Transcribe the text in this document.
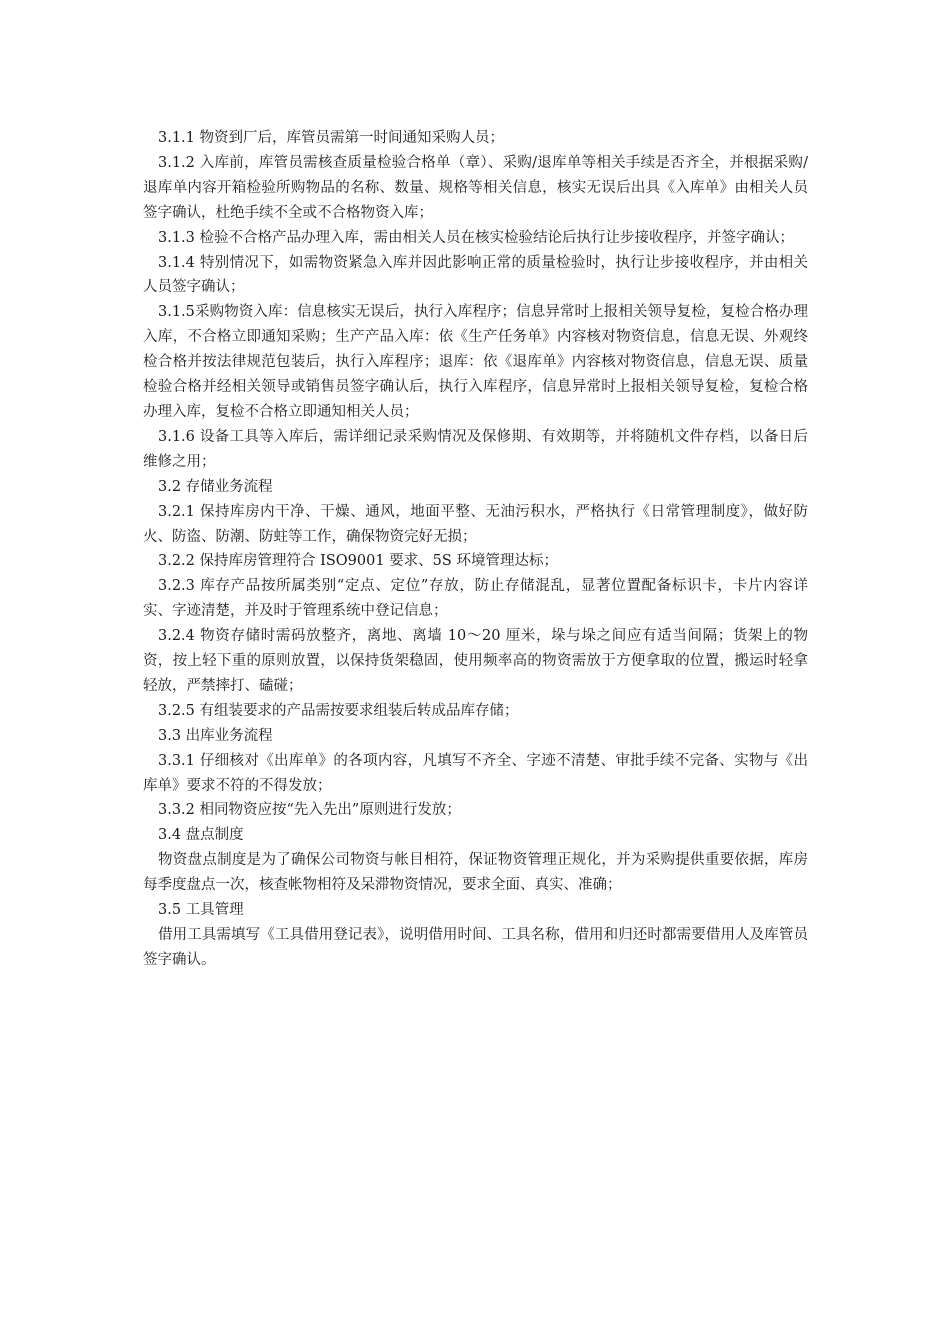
3.1.1 物资到厂后，库管员需第一时间通知采购人员；

3.1.2 入库前，库管员需核查质量检验合格单（章）、采购/退库单等相关手续是否齐全，并根据采购/退库单内容开箱检验所购物品的名称、数量、规格等相关信息，核实无误后出具《入库单》由相关人员签字确认，杜绝手续不全或不合格物资入库；

3.1.3 检验不合格产品办理入库，需由相关人员在核实检验结论后执行让步接收程序，并签字确认；

3.1.4 特别情况下，如需物资紧急入库并因此影响正常的质量检验时，执行让步接收程序，并由相关人员签字确认；

3.1.5采购物资入库：信息核实无误后，执行入库程序；信息异常时上报相关领导复检，复检合格办理入库，不合格立即通知采购；生产产品入库：依《生产任务单》内容核对物资信息，信息无误、外观终检合格并按法律规范包装后，执行入库程序；退库：依《退库单》内容核对物资信息，信息无误、质量检验合格并经相关领导或销售员签字确认后，执行入库程序，信息异常时上报相关领导复检，复检合格办理入库，复检不合格立即通知相关人员；

3.1.6 设备工具等入库后，需详细记录采购情况及保修期、有效期等，并将随机文件存档，以备日后维修之用；

3.2 存储业务流程

3.2.1 保持库房内干净、干燥、通风，地面平整、无油污积水，严格执行《日常管理制度》，做好防火、防盗、防潮、防蛀等工作，确保物资完好无损；

3.2.2 保持库房管理符合 ISO9001 要求、5S 环境管理达标；

3.2.3 库存产品按所属类别“定点、定位”存放，防止存储混乱，显著位置配备标识卡，卡片内容详实、字迹清楚，并及时于管理系统中登记信息；

3.2.4 物资存储时需码放整齐，离地、离墙 10～20 厘米，垛与垛之间应有适当间隔；货架上的物资，按上轻下重的原则放置，以保持货架稳固，使用频率高的物资需放于方便拿取的位置，搬运时轻拿轻放，严禁摔打、磕碰；

3.2.5 有组装要求的产品需按要求组装后转成品库存储；

3.3 出库业务流程

3.3.1 仔细核对《出库单》的各项内容，凡填写不齐全、字迹不清楚、审批手续不完备、实物与《出库单》要求不符的不得发放；

3.3.2 相同物资应按“先入先出”原则进行发放；

3.4 盘点制度

物资盘点制度是为了确保公司物资与帐目相符，保证物资管理正规化，并为采购提供重要依据，库房每季度盘点一次，核查帐物相符及呆滞物资情况，要求全面、真实、准确；

3.5 工具管理

借用工具需填写《工具借用登记表》，说明借用时间、工具名称，借用和归还时都需要借用人及库管员签字确认。
